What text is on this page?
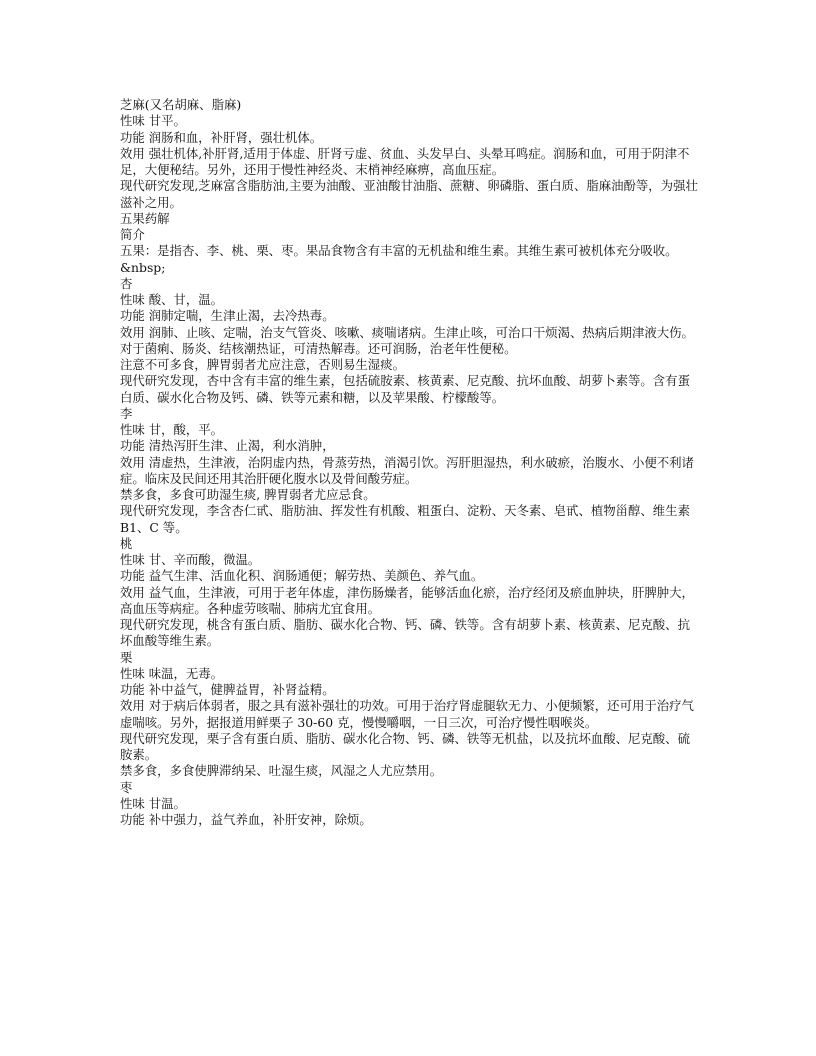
芝麻(又名胡麻、脂麻)

性味 甘平。

功能 润肠和血，补肝肾，强壮机体。

效用 强壮机体,补肝肾,适用于体虚、肝肾亏虚、贫血、头发早白、头晕耳鸣症。润肠和血，可用于阴津不足，大便秘结。另外，还用于慢性神经炎、末梢神经麻痹，高血压症。

现代研究发现,芝麻富含脂肪油,主要为油酸、亚油酸甘油脂、蔗糖、卵磷脂、蛋白质、脂麻油酚等，为强壮滋补之用。

五果药解

简介

五果：是指杏、李、桃、栗、枣。果品食物含有丰富的无机盐和维生素。其维生素可被机体充分吸收。

&nbsp;

杏

性味 酸、甘，温。

功能 润肺定喘，生津止渴，去冷热毒。

效用 润肺、止咳、定喘，治支气管炎、咳嗽、痰喘诸病。生津止咳，可治口干烦渴、热病后期津液大伤。对于菌痢、肠炎、结核潮热证，可清热解毒。还可润肠，治老年性便秘。

注意不可多食，脾胃弱者尤应注意，否则易生湿痰。

现代研究发现，杏中含有丰富的维生素，包括硫胺素、核黄素、尼克酸、抗坏血酸、胡萝卜素等。含有蛋白质、碳水化合物及钙、磷、铁等元素和糖，以及苹果酸、柠檬酸等。

李

性味 甘，酸，平。

功能 清热泻肝生津、止渴，利水消肿，

效用 清虚热，生津液，治阴虚内热，骨蒸劳热，消渴引饮。泻肝胆湿热，利水破瘀，治腹水、小便不利诸症。临床及民间还用其治肝硬化腹水以及骨间酸劳症。

禁多食，多食可助湿生痰, 脾胃弱者尤应忌食。

现代研究发现，李含杏仁甙、脂肪油、挥发性有机酸、粗蛋白、淀粉、天冬素、皂甙、植物甾醇、维生素 B1、C 等。

桃

性味 甘、辛而酸，微温。

功能 益气生津、活血化积、润肠通便；解劳热、美颜色、养气血。

效用 益气血，生津液，可用于老年体虚，津伤肠燥者，能够活血化瘀，治疗经闭及瘀血肿块，肝脾肿大，高血压等病症。各种虚劳咳喘、肺病尤宜食用。

现代研究发现，桃含有蛋白质、脂肪、碳水化合物、钙、磷、铁等。含有胡萝卜素、核黄素、尼克酸、抗坏血酸等维生素。

栗

性味 味温，无毒。

功能 补中益气，健脾益胃，补肾益精。

效用 对于病后体弱者，服之具有滋补强壮的功效。可用于治疗肾虚腿软无力、小便频繁，还可用于治疗气虚喘咳。另外，据报道用鲜栗子 30-60 克，慢慢嚼咽，一日三次，可治疗慢性咽喉炎。

现代研究发现，栗子含有蛋白质、脂肪、碳水化合物、钙、磷、铁等无机盐，以及抗坏血酸、尼克酸、硫胺素。

禁多食，多食使脾滞纳呆、吐湿生痰，风湿之人尤应禁用。

枣

性味 甘温。

功能 补中强力，益气养血，补肝安神，除烦。
